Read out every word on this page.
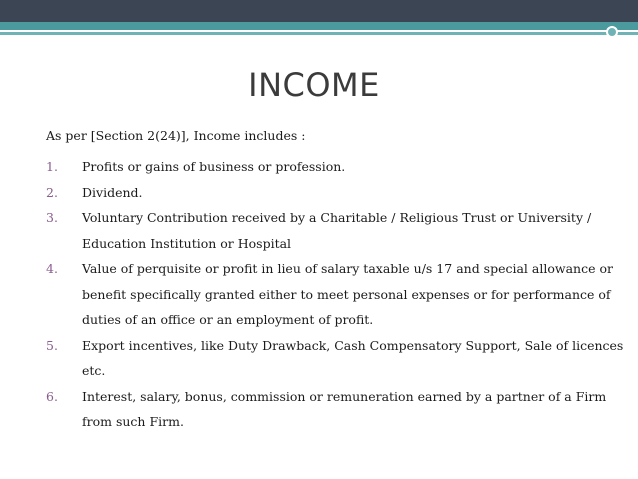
INCOME
As per [Section 2(24)], Income includes :
1.	Profits or gains of business or profession.
2.	Dividend.
3.	Voluntary Contribution received by a Charitable / Religious Trust or University / Education Institution or Hospital
4.	Value of perquisite or profit in lieu of salary taxable u/s 17 and special allowance or benefit specifically granted either to meet personal expenses or for performance of duties of an office or an employment of profit.
5.	Export incentives, like Duty Drawback, Cash Compensatory Support, Sale of licences etc.
6.	Interest, salary, bonus, commission or remuneration earned by a partner of a Firm from such Firm.
